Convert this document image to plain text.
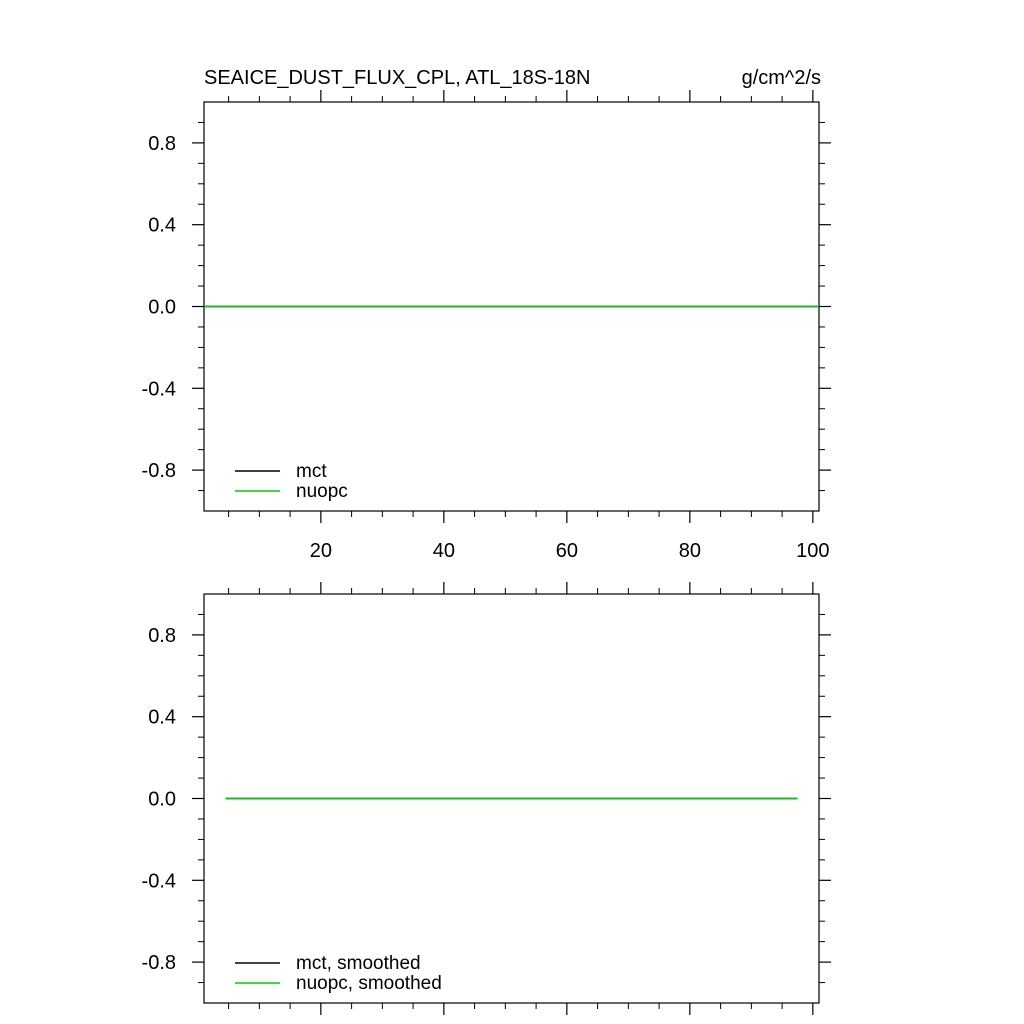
SEAICE_DUST_FLUX_CPL, ATL_18S-18N	g/cm^2/s
0.8
0.4
0.0
-0.4
-0.8
20	40	60	80	100
mct
nuopc
0.8
0.4
0.0
-0.4
-0.8	mct, smoothed
nuopc, smoothed
